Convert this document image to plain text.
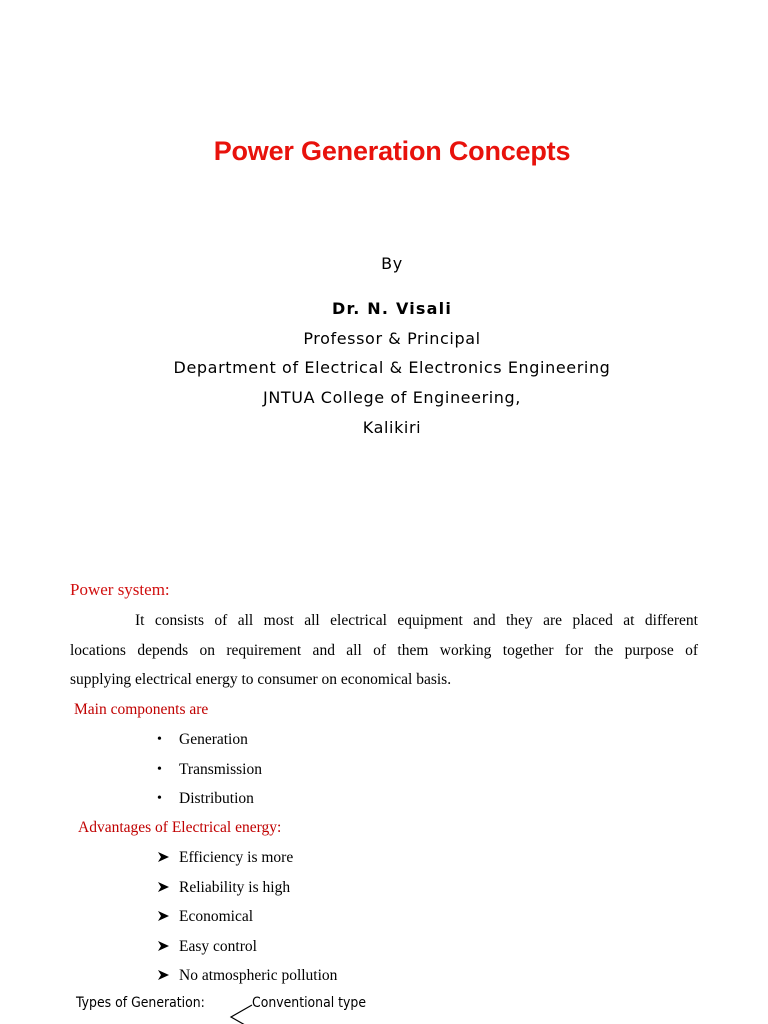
Power Generation Concepts
By
Dr. N. Visali
Professor & Principal
Department of Electrical & Electronics Engineering
JNTUA College of Engineering,
Kalikiri
Power system:
It consists of all most all electrical equipment and they are placed at different
locations depends on requirement and all of them working together for the purpose of
supplying electrical energy to consumer on economical basis.
Main components are
•	Generation
•	Transmission
•	Distribution
Advantages of Electrical energy:
Efficiency is more
Reliability is high
Economical
Easy control
No atmospheric pollution
Types of Generation:	Conventional type
